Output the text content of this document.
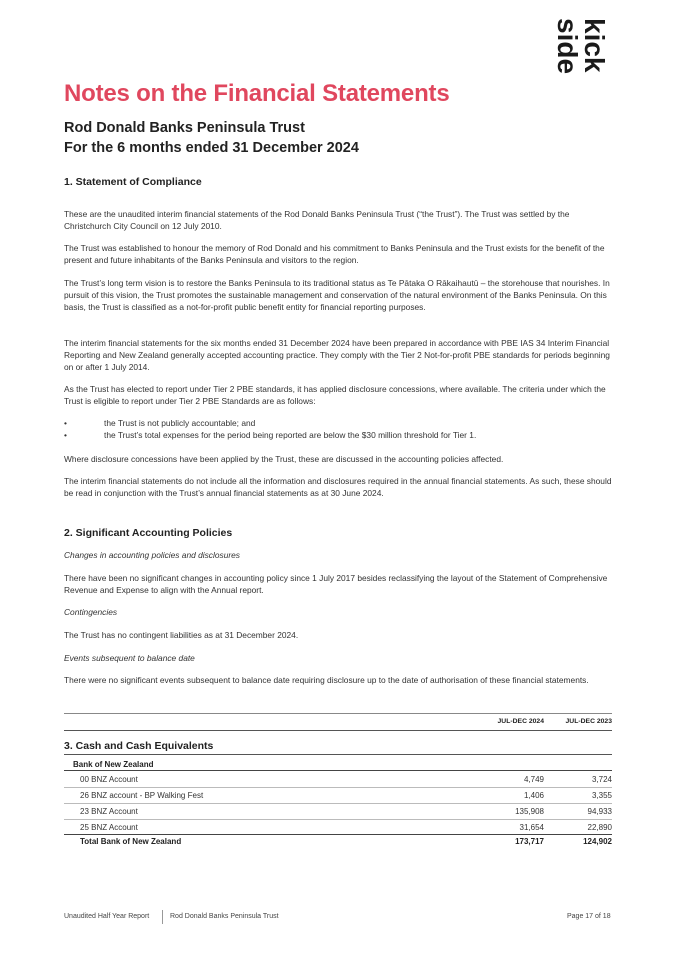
kick
side
Notes on the Financial Statements
Rod Donald Banks Peninsula Trust
For the 6 months ended 31 December 2024
1. Statement of Compliance

These are the unaudited interim financial statements of the Rod Donald Banks Peninsula Trust (“the Trust”). The Trust was settled by the Christchurch City Council on 12 July 2010.

The Trust was established to honour the memory of Rod Donald and his commitment to Banks Peninsula and the Trust exists for the benefit of the present and future inhabitants of the Banks Peninsula and visitors to the region.

The Trust’s long term vision is to restore the Banks Peninsula to its traditional status as Te Pātaka O Rākaihautū – the storehouse that nourishes. In pursuit of this vision, the Trust promotes the sustainable management and conservation of the natural environment of the Banks Peninsula. On this basis, the Trust is classified as a not-for-profit public benefit entity for financial reporting purposes.

The interim financial statements for the six months ended 31 December 2024 have been prepared in accordance with PBE IAS 34 Interim Financial Reporting and New Zealand generally accepted accounting practice. They comply with the Tier 2 Not-for-profit PBE standards for periods beginning on or after 1 July 2014.

As the Trust has elected to report under Tier 2 PBE standards, it has applied disclosure concessions, where available. The criteria under which the Trust is eligible to report under Tier 2 PBE Standards are as follows:

•	the Trust is not publicly accountable; and
•	the Trust’s total expenses for the period being reported are below the $30 million threshold for Tier 1.

Where disclosure concessions have been applied by the Trust, these are discussed in the accounting policies affected.

The interim financial statements do not include all the information and disclosures required in the annual financial statements. As such, these should be read in conjunction with the Trust’s annual financial statements as at 30 June 2024.

2. Significant Accounting Policies

Changes in accounting policies and disclosures

There have been no significant changes in accounting policy since 1 July 2017 besides reclassifying the layout of the Statement of Comprehensive Revenue and Expense to align with the Annual report.

Contingencies

The Trust has no contingent liabilities as at 31 December 2024.

Events subsequent to balance date

There were no significant events subsequent to balance date requiring disclosure up to the date of authorisation of these financial statements.

JUL-DEC 2024	JUL-DEC 2023
3. Cash and Cash Equivalents
Bank of New Zealand
00 BNZ Account	4,749	3,724
26 BNZ account - BP Walking Fest	1,406	3,355
23 BNZ Account	135,908	94,933
25 BNZ Account	31,654	22,890
Total Bank of New Zealand	173,717	124,902
Unaudited Half Year Report	Rod Donald Banks Peninsula Trust	Page 17 of 18
